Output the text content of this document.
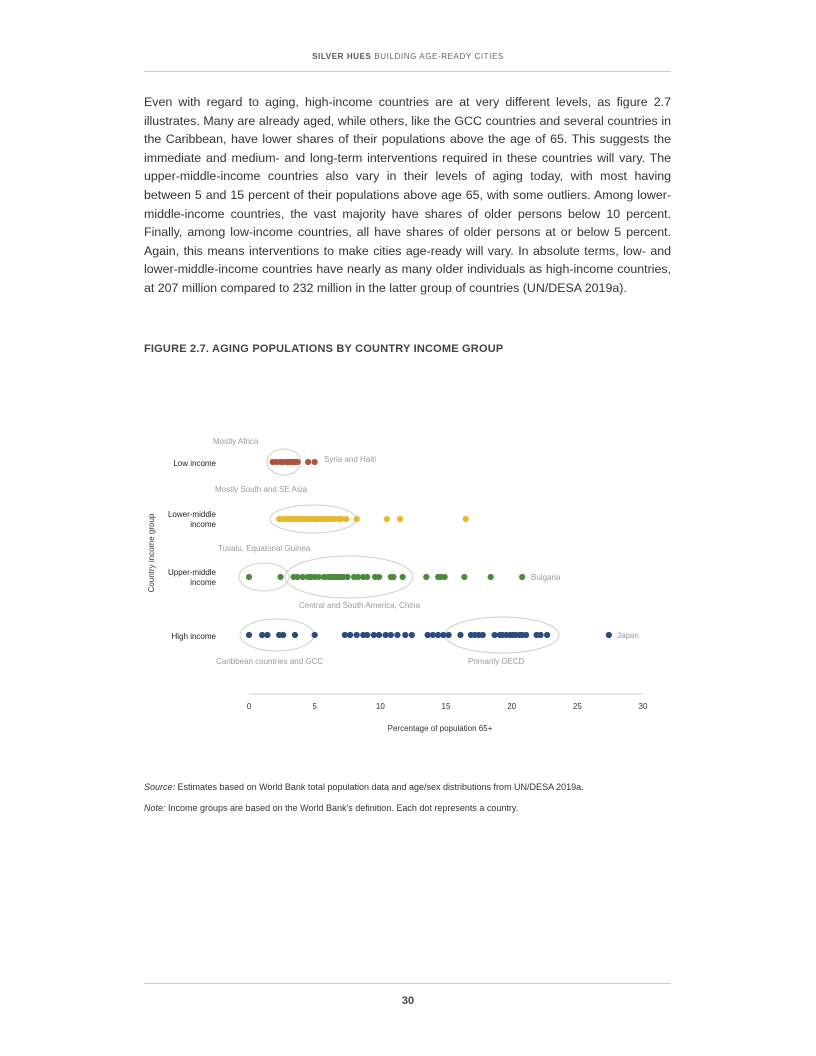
SILVER HUES BUILDING AGE-READY CITIES

Even with regard to aging, high-income countries are at very different levels, as figure 2.7 illustrates. Many are already aged, while others, like the GCC countries and several countries in the Caribbean, have lower shares of their populations above the age of 65. This suggests the immediate and medium- and long-term interventions required in these countries will vary. The upper-middle-income countries also vary in their levels of aging today, with most having between 5 and 15 percent of their populations above age 65, with some outliers. Among lower-middle-income countries, the vast majority have shares of older persons below 10 percent. Finally, among low-income countries, all have shares of older persons at or below 5 percent. Again, this means interventions to make cities age-ready will vary. In absolute terms, low- and lower-middle-income countries have nearly as many older individuals as high-income countries, at 207 million compared to 232 million in the latter group of countries (UN/DESA 2019a).

FIGURE 2.7. AGING POPULATIONS BY COUNTRY INCOME GROUP
Country income group
Mostly Africa
Syria and Haiti
Mostly South and SE Asia
Tuvalu, Equatorial Guinea
Bulgaria
Central and South America, China
Japan
Caribbean countries and GCC	Primarily OECD
Percentage of population 65+
Low income
Lower-middle income
Upper-middle income
High income
0	5	10	15	20	25	30
Source: Estimates based on World Bank total population data and age/sex distributions from UN/DESA 2019a.
Note: Income groups are based on the World Bank’s definition. Each dot represents a country.
30
